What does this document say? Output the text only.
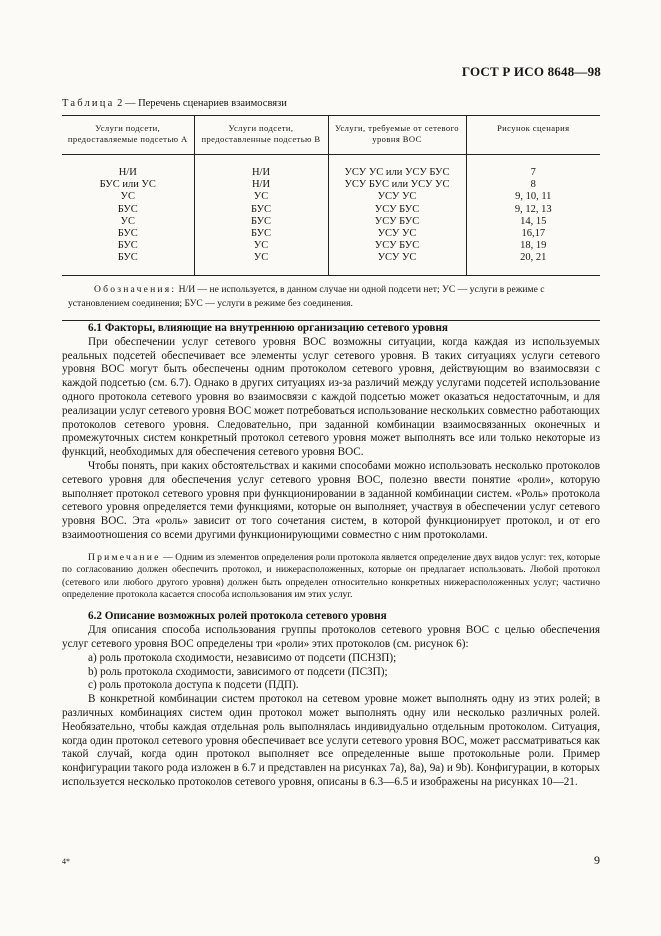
ГОСТ Р ИСО 8648—98
Таблица 2 — Перечень сценариев взаимосвязи
Услуги подсети, предоставляемые подсетью А	Услуги подсети, предоставленные подсетью В	Услуги, требуемые от сетевого уровня ВОС	Рисунок сценария
Н/И	Н/И	УСУ УС или УСУ БУС	7
БУС или УС	Н/И	УСУ БУС или УСУ УС	8
УС	УС	УСУ УС	9, 10, 11
БУС	БУС	УСУ БУС	9, 12, 13
УС	БУС	УСУ БУС	14, 15
БУС	БУС	УСУ УС	16,17
БУС	УС	УСУ БУС	18, 19
БУС	УС	УСУ УС	20, 21
Обозначения: Н/И — не используется, в данном случае ни одной подсети нет; УС — услуги в режиме с установлением соединения; БУС — услуги в режиме без соединения.			
6.1 Факторы, влияющие на внутреннюю организацию сетевого уровня

При обеспечении услуг сетевого уровня ВОС возможны ситуации, когда каждая из используемых реальных подсетей обеспечивает все элементы услуг сетевого уровня. В таких ситуациях услуги сетевого уровня ВОС могут быть обеспечены одним протоколом сетевого уровня, действующим во взаимосвязи с каждой подсетью (см. 6.7). Однако в других ситуациях из-за различий между услугами подсетей использование одного протокола сетевого уровня во взаимосвязи с каждой подсетью может оказаться недостаточным, и для реализации услуг сетевого уровня ВОС может потребоваться использование нескольких совместно работающих протоколов сетевого уровня. Следовательно, при заданной комбинации взаимосвязанных оконечных и промежуточных систем конкретный протокол сетевого уровня может выполнять все или только некоторые из функций, необходимых для обеспечения сетевого уровня ВОС.

Чтобы понять, при каких обстоятельствах и какими способами можно использовать несколько протоколов сетевого уровня для обеспечения услуг сетевого уровня ВОС, полезно ввести понятие «роли», которую выполняет протокол сетевого уровня при функционировании в заданной комбинации систем. «Роль» протокола сетевого уровня определяется теми функциями, которые он выполняет, участвуя в обеспечении услуг сетевого уровня ВОС. Эта «роль» зависит от того сочетания систем, в которой функционирует протокол, и от его взаимоотношения со всеми другими функционирующими совместно с ним протоколами.

Примечание — Одним из элементов определения роли протокола является определение двух видов услуг: тех, которые по согласованию должен обеспечить протокол, и нижерасположенных, которые он предлагает использовать. Любой протокол (сетевого или любого другого уровня) должен быть определен относительно конкретных нижерасположенных услуг; частично определение протокола касается способа использования им этих услуг.

6.2 Описание возможных ролей протокола сетевого уровня

Для описания способа использования группы протоколов сетевого уровня ВОС с целью обеспечения услуг сетевого уровня ВОС определены три «роли» этих протоколов (см. рисунок 6):

а) роль протокола сходимости, независимо от подсети (ПСНЗП);

b) роль протокола сходимости, зависимого от подсети (ПСЗП);

с) роль протокола доступа к подсети (ПДП).

В конкретной комбинации систем протокол на сетевом уровне может выполнять одну из этих ролей; в различных комбинациях систем один протокол может выполнять одну или несколько различных ролей. Необязательно, чтобы каждая отдельная роль выполнялась индивидуально отдельным протоколом. Ситуация, когда один протокол сетевого уровня обеспечивает все услуги сетевого уровня ВОС, может рассматриваться как такой случай, когда один протокол выполняет все определенные выше протокольные роли. Пример конфигурации такого рода изложен в 6.7 и представлен на рисунках 7а), 8а), 9а) и 9b). Конфигурации, в которых используется несколько протоколов сетевого уровня, описаны в 6.3—6.5 и изображены на рисунках 10—21.

4*	9
